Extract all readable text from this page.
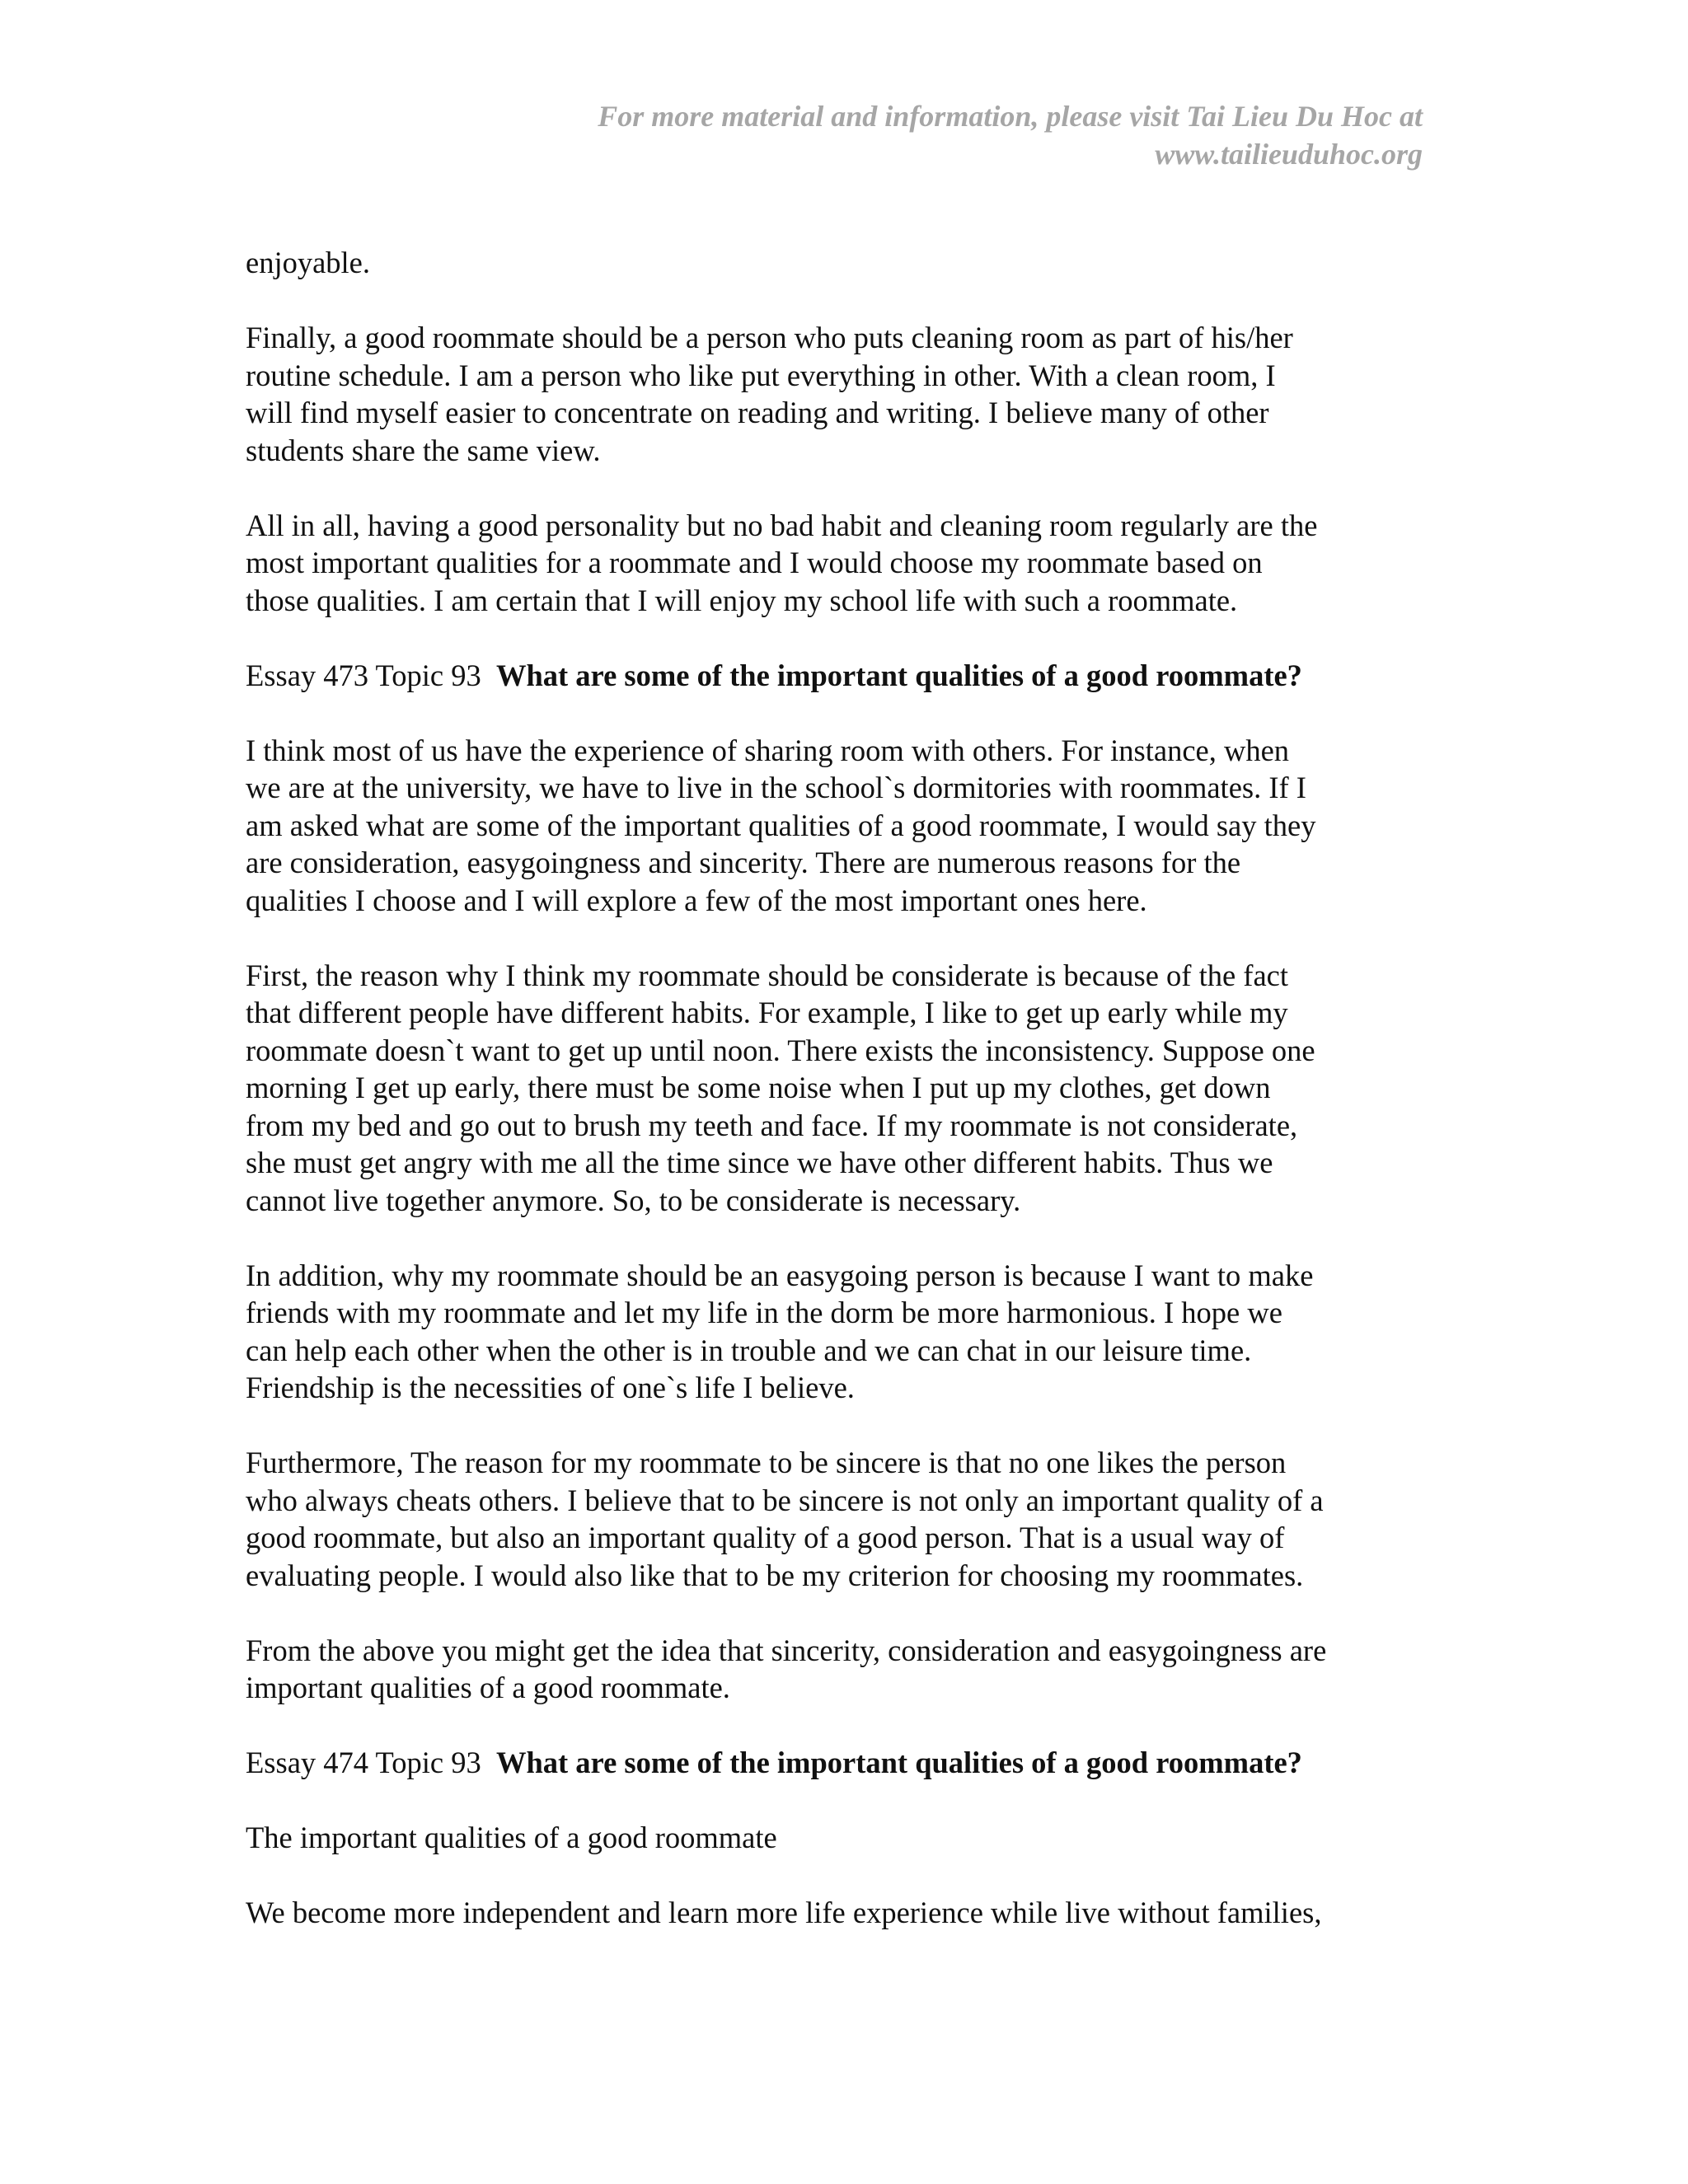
For more material and information, please visit Tai Lieu Du Hoc at
www.tailieuduhoc.org
enjoyable.
Finally, a good roommate should be a person who puts cleaning room as part of his/her
routine schedule. I am a person who like put everything in other. With a clean room, I
will find myself easier to concentrate on reading and writing. I believe many of other
students share the same view.
All in all, having a good personality but no bad habit and cleaning room regularly are the
most important qualities for a roommate and I would choose my roommate based on
those qualities. I am certain that I will enjoy my school life with such a roommate.
Essay 473 Topic 93  What are some of the important qualities of a good roommate?
I think most of us have the experience of sharing room with others. For instance, when
we are at the university, we have to live in the school`s dormitories with roommates. If I
am asked what are some of the important qualities of a good roommate, I would say they
are consideration, easygoingness and sincerity. There are numerous reasons for the
qualities I choose and I will explore a few of the most important ones here.
First, the reason why I think my roommate should be considerate is because of the fact
that different people have different habits. For example, I like to get up early while my
roommate doesn`t want to get up until noon. There exists the inconsistency. Suppose one
morning I get up early, there must be some noise when I put up my clothes, get down
from my bed and go out to brush my teeth and face. If my roommate is not considerate,
she must get angry with me all the time since we have other different habits. Thus we
cannot live together anymore. So, to be considerate is necessary.
In addition, why my roommate should be an easygoing person is because I want to make
friends with my roommate and let my life in the dorm be more harmonious. I hope we
can help each other when the other is in trouble and we can chat in our leisure time.
Friendship is the necessities of one`s life I believe.
Furthermore, The reason for my roommate to be sincere is that no one likes the person
who always cheats others. I believe that to be sincere is not only an important quality of a
good roommate, but also an important quality of a good person. That is a usual way of
evaluating people. I would also like that to be my criterion for choosing my roommates.
From the above you might get the idea that sincerity, consideration and easygoingness are
important qualities of a good roommate.
Essay 474 Topic 93  What are some of the important qualities of a good roommate?
The important qualities of a good roommate
We become more independent and learn more life experience while live without families,
